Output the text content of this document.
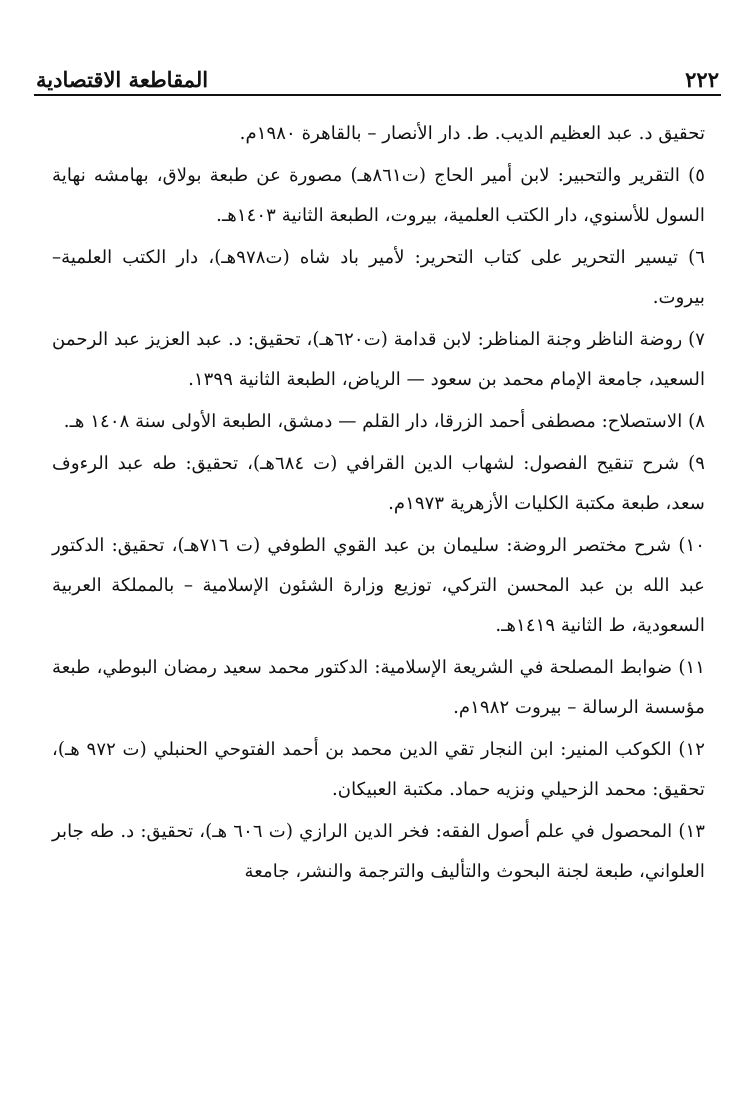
٢٢٢
المقاطعة الاقتصادية

تحقيق د. عبد العظيم الديب. ط. دار الأنصار – بالقاهرة ١٩٨٠م.

٥) التقرير والتحبير: لابن أمير الحاج (ت٨٦١هـ) مصورة عن طبعة بولاق، بهامشه نهاية السول للأسنوي، دار الكتب العلمية، بيروت، الطبعة الثانية ١٤٠٣هـ.

٦) تيسير التحرير على كتاب التحرير: لأمير باد شاه (ت٩٧٨هـ)، دار الكتب العلمية– بيروت.

٧) روضة الناظر وجنة المناظر: لابن قدامة (ت٦٢٠هـ)، تحقيق: د. عبد العزيز عبد الرحمن السعيد، جامعة الإمام محمد بن سعود — الرياض، الطبعة الثانية ١٣٩٩.

٨) الاستصلاح: مصطفى أحمد الزرقا، دار القلم — دمشق، الطبعة الأولى سنة ١٤٠٨ هـ.

٩) شرح تنقيح الفصول: لشهاب الدين القرافي (ت ٦٨٤هـ)، تحقيق: طه عبد الرءوف سعد، طبعة مكتبة الكليات الأزهرية ١٩٧٣م.

١٠) شرح مختصر الروضة: سليمان بن عبد القوي الطوفي (ت ٧١٦هـ)، تحقيق: الدكتور عبد الله بن عبد المحسن التركي، توزيع وزارة الشئون الإسلامية – بالمملكة العربية السعودية، ط الثانية ١٤١٩هـ.

١١) ضوابط المصلحة في الشريعة الإسلامية: الدكتور محمد سعيد رمضان البوطي، طبعة مؤسسة الرسالة – بيروت ١٩٨٢م.

١٢) الكوكب المنير: ابن النجار تقي الدين محمد بن أحمد الفتوحي الحنبلي (ت ٩٧٢ هـ)، تحقيق: محمد الزحيلي ونزيه حماد. مكتبة العبيكان.

١٣) المحصول في علم أصول الفقه: فخر الدين الرازي (ت ٦٠٦ هـ)، تحقيق: د. طه جابر العلواني، طبعة لجنة البحوث والتأليف والترجمة والنشر، جامعة
